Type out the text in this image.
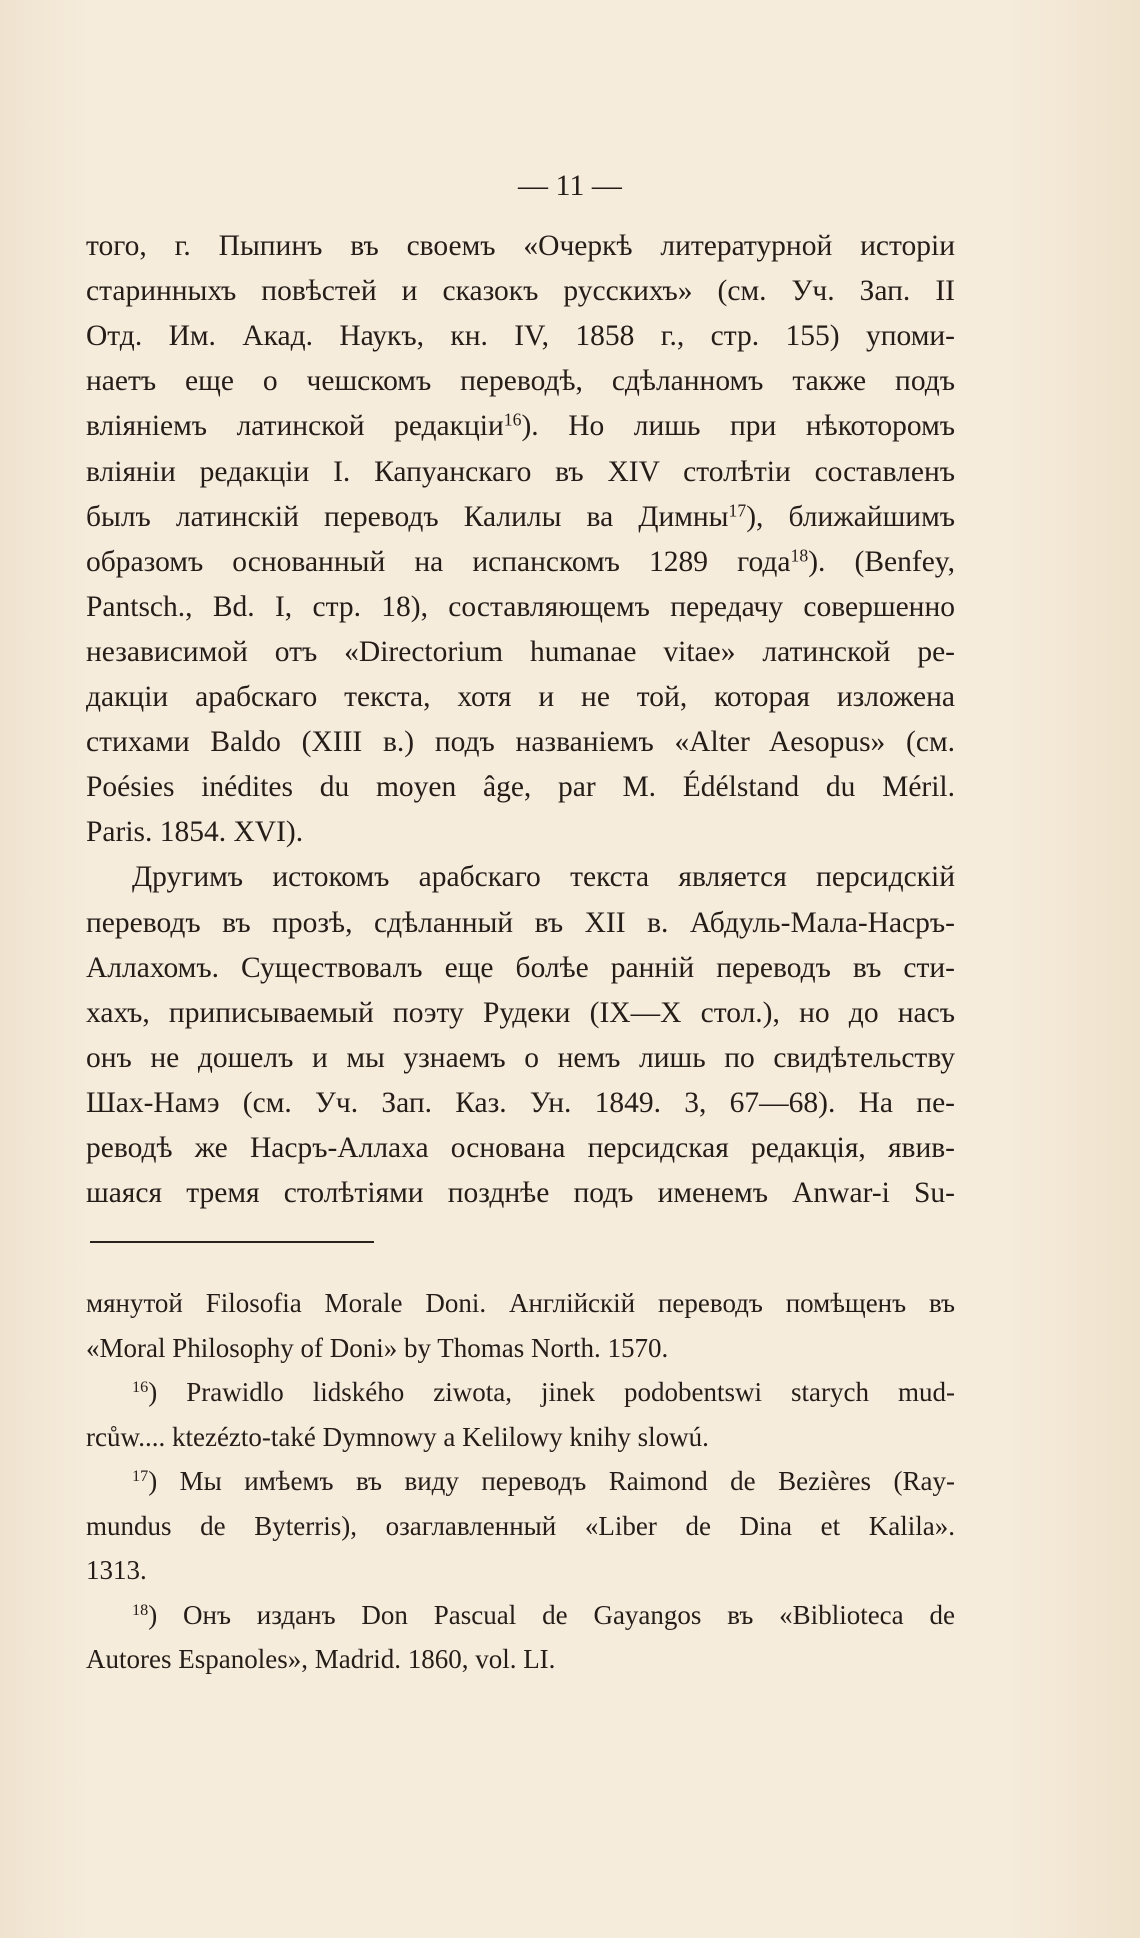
— 11 —
того, г. Пыпинъ въ своемъ «Очеркѣ литературной исторіи
старинныхъ повѣстей и сказокъ русскихъ» (см. Уч. Зап. II
Отд. Им. Акад. Наукъ, кн. IV, 1858 г., стр. 155) упоми-
наетъ еще о чешскомъ переводѣ, сдѣланномъ также подъ
вліяніемъ латинской редакціи$^{16}$). Но лишь при нѣкоторомъ
вліяніи редакціи I. Капуанскаго въ XIV столѣтіи составленъ
былъ латинскій переводъ Калилы ва Димны$^{17}$), ближайшимъ
образомъ основанный на испанскомъ 1289 года$^{18}$). (Benfey,
Pantsch., Bd. I, стр. 18), составляющемъ передачу совершенно
независимой отъ «Directorium humanae vitae» латинской ре-
дакціи арабскаго текста, хотя и не той, которая изложена
стихами Baldo (XIII в.) подъ названіемъ «Alter Aesopus» (см.
Poésies inédites du moyen âge, par M. Édélstand du Méril.
Paris. 1854. XVI).
Другимъ истокомъ арабскаго текста является персидскій
переводъ въ прозѣ, сдѣланный въ XII в. Абдуль-Мала-Насръ-
Аллахомъ. Существовалъ еще болѣе ранній переводъ въ сти-
хахъ, приписываемый поэту Рудеки (IX—X стол.), но до насъ
онъ не дошелъ и мы узнаемъ о немъ лишь по свидѣтельству
Шах-Намэ (см. Уч. Зап. Каз. Ун. 1849. 3, 67—68). На пе-
реводѣ же Насръ-Аллаха основана персидская редакція, явив-
шаяся тремя столѣтіями позднѣе подъ именемъ Anwar-i Su-
мянутой Filosofia Morale Doni. Англійскій переводъ помѣщенъ въ
«Moral Philosophy of Doni» by Thomas North. 1570.
$^{16}$) Prawidlo lidského ziwota, jinek podobentswi starych mud-
rcůw.... ktezézto-také Dymnowy a Kelilowy knihy slowú.
$^{17}$) Мы имѣемъ въ виду переводъ Raimond de Bezières (Ray-
mundus de Byterris), озаглавленный «Liber de Dina et Kalila».
1313.
$^{18}$) Онъ изданъ Don Pascual de Gayangos въ «Biblioteca de
Autores Espanoles», Madrid. 1860, vol. LI.
